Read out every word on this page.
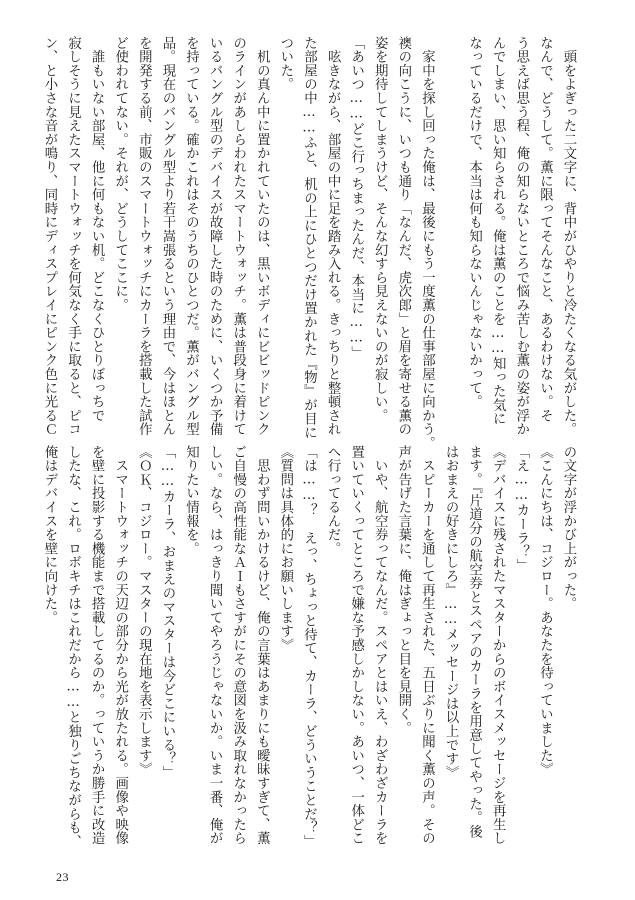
　頭をよぎった二文字に、背中がひやりと冷たくなる気がした。
なんで、どうして。薫に限ってそんなこと、あるわけない。そ
う思えば思う程、俺の知らないところで悩み苦しむ薫の姿が浮か
んでしまい、思い知らされる。俺は薫のことを……知った気に
なっているだけで、本当は何も知らないんじゃないかって。
　家中を探し回った俺は、最後にもう一度薫の仕事部屋に向かう。
襖の向こうに、いつも通り「なんだ、虎次郎」と眉を寄せる薫の
姿を期待してしまうけど、そんな幻すら見えないのが寂しい。
「あいつ……どこ行っちまったんだ、本当に……」
　呟きながら、部屋の中に足を踏み入れる。きっちりと整頓され
た部屋の中……ふと、机の上にひとつだけ置かれた『物』が目に
ついた。
　机の真ん中に置かれていたのは、黒いボディにビビッドピンク
のラインがあしらわれたスマートウォッチ。薫は普段身に着けて
いるバングル型のデバイスが故障した時のために、いくつか予備
を持っている。確かこれはそのうちのひとつだ。薫がバングル型
品。現在のバングル型より若干嵩張るという理由で、今はほとん
を開発する前、市販のスマートウォッチにカーラを搭載した試作
ど使われてない。それが、どうしてここに。
　誰もいない部屋、他に何もない机。どこなくひとりぼっちで
寂しそうに見えたスマートウォッチを何気なく手に取ると、ピコ
ン、と小さな音が鳴り、同時にディスプレイにピンク色に光るＣ
の文字が浮かび上がった。
《こんにちは、コジロー。あなたを待っていました》
「え……カーラ？」
《デバイスに残されたマスターからのボイスメッセージを再生し
ます。『片道分の航空券とスペアのカーラを用意してやった。後
はおまえの好きにしろ』……メッセージは以上です》
　スピーカーを通して再生された、五日ぶりに聞く薫の声。その
声が告げた言葉に、俺はぎょっと目を見開く。
　いや、航空券ってなんだ。スペアとはいえ、わざわざカーラを
置いていくってところで嫌な予感しかしない。あいつ、一体どこ
へ行ってるんだ。
「は……？　えっ、ちょっと待て、カーラ、どういうことだ？」
《質問は具体的にお願いします》
　思わず問いかけるけど、俺の言葉はあまりにも曖昧すぎて、薫
ご自慢の高性能なＡＩもさすがにその意図を汲み取れなかったら
しい。なら、はっきり聞いてやろうじゃないか。いま一番、俺が
知りたい情報を。
「……カーラ、おまえのマスターは今どこにいる？」
《ＯＫ、コジロー。マスターの現在地を表示します》
　スマートウォッチの天辺の部分から光が放たれる。画像や映像
を壁に投影する機能まで搭載してるのか。っていうか勝手に改造
したな、これ。ロボキチはこれだから……と独りごちながらも、
俺はデバイスを壁に向けた。
23
